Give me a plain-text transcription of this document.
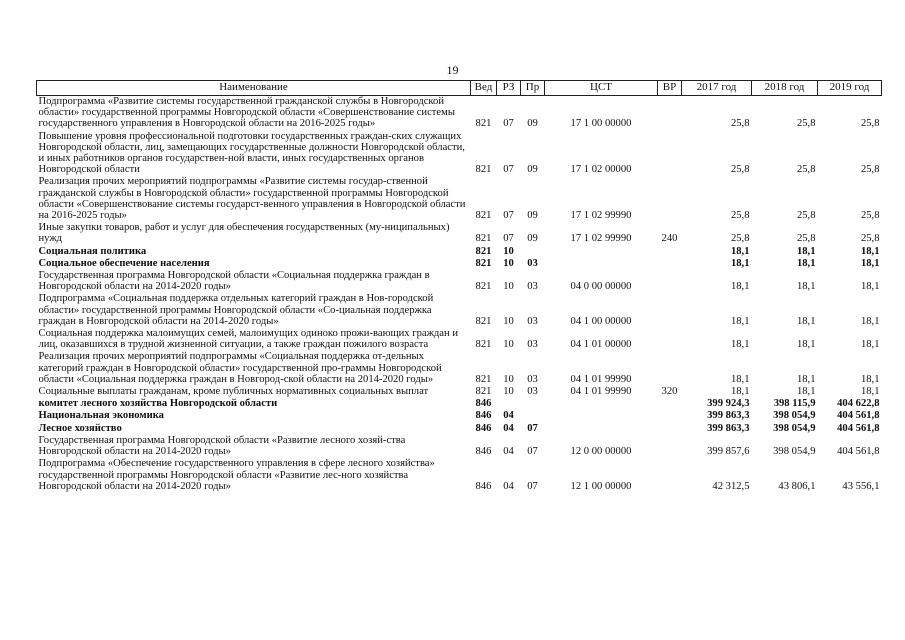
19
Наименование	Вед	РЗ	Пр	ЦСТ	ВР	2017 год	2018 год	2019 год
Подпрограмма «Развитие системы государственной гражданской службы в Новгородской области» государственной программы Новгородской области «Совершенствование системы государственного управления в Новгородской области на 2016-2025 годы»	821	07	09	17 1 00 00000		25,8	25,8	25,8
Повышение уровня профессиональной подготовки государственных граждан-ских служащих Новгородской области, лиц, замещающих государственные должности Новгородской области, и иных работников органов государствен-ной власти, иных государственных органов Новгородской области	821	07	09	17 1 02 00000		25,8	25,8	25,8
Реализация прочих мероприятий подпрограммы «Развитие системы государ-ственной гражданской службы в Новгородской области» государственной программы Новгородской области «Совершенствование системы государст-венного управления в Новгородской области на 2016-2025 годы»	821	07	09	17 1 02 99990		25,8	25,8	25,8
Иные закупки товаров, работ и услуг для обеспечения государственных (му-ниципальных) нужд	821	07	09	17 1 02 99990	240	25,8	25,8	25,8
Социальная политика	821	10				18,1	18,1	18,1
Социальное обеспечение населения	821	10	03			18,1	18,1	18,1
Государственная программа Новгородской области «Социальная поддержка граждан в Новгородской области на 2014-2020 годы»	821	10	03	04 0 00 00000		18,1	18,1	18,1
Подпрограмма «Социальная поддержка отдельных категорий граждан в Нов-городской области» государственной программы Новгородской области «Со-циальная поддержка граждан в Новгородской области на 2014-2020 годы»	821	10	03	04 1 00 00000		18,1	18,1	18,1
Социальная поддержка малоимущих семей, малоимущих одиноко прожи-вающих граждан и лиц, оказавшихся в трудной жизненной ситуации, а также граждан пожилого возраста	821	10	03	04 1 01 00000		18,1	18,1	18,1
Реализация прочих мероприятий подпрограммы «Социальная поддержка от-дельных категорий граждан в Новгородской области» государственной про-граммы Новгородской области «Социальная поддержка граждан в Новгород-ской области на 2014-2020 годы»	821	10	03	04 1 01 99990		18,1	18,1	18,1
Социальные выплаты гражданам, кроме публичных нормативных социальных выплат	821	10	03	04 1 01 99990	320	18,1	18,1	18,1
комитет лесного хозяйства Новгородской области	846					399 924,3	398 115,9	404 622,8
Национальная экономика	846	04				399 863,3	398 054,9	404 561,8
Лесное хозяйство	846	04	07			399 863,3	398 054,9	404 561,8
Государственная программа Новгородской области «Развитие лесного хозяй-ства Новгородской области на 2014-2020 годы»	846	04	07	12 0 00 00000		399 857,6	398 054,9	404 561,8
Подпрограмма «Обеспечение государственного управления в сфере лесного хозяйства» государственной программы Новгородской области «Развитие лес-ного хозяйства Новгородской области на 2014-2020 годы»	846	04	07	12 1 00 00000		42 312,5	43 806,1	43 556,1
